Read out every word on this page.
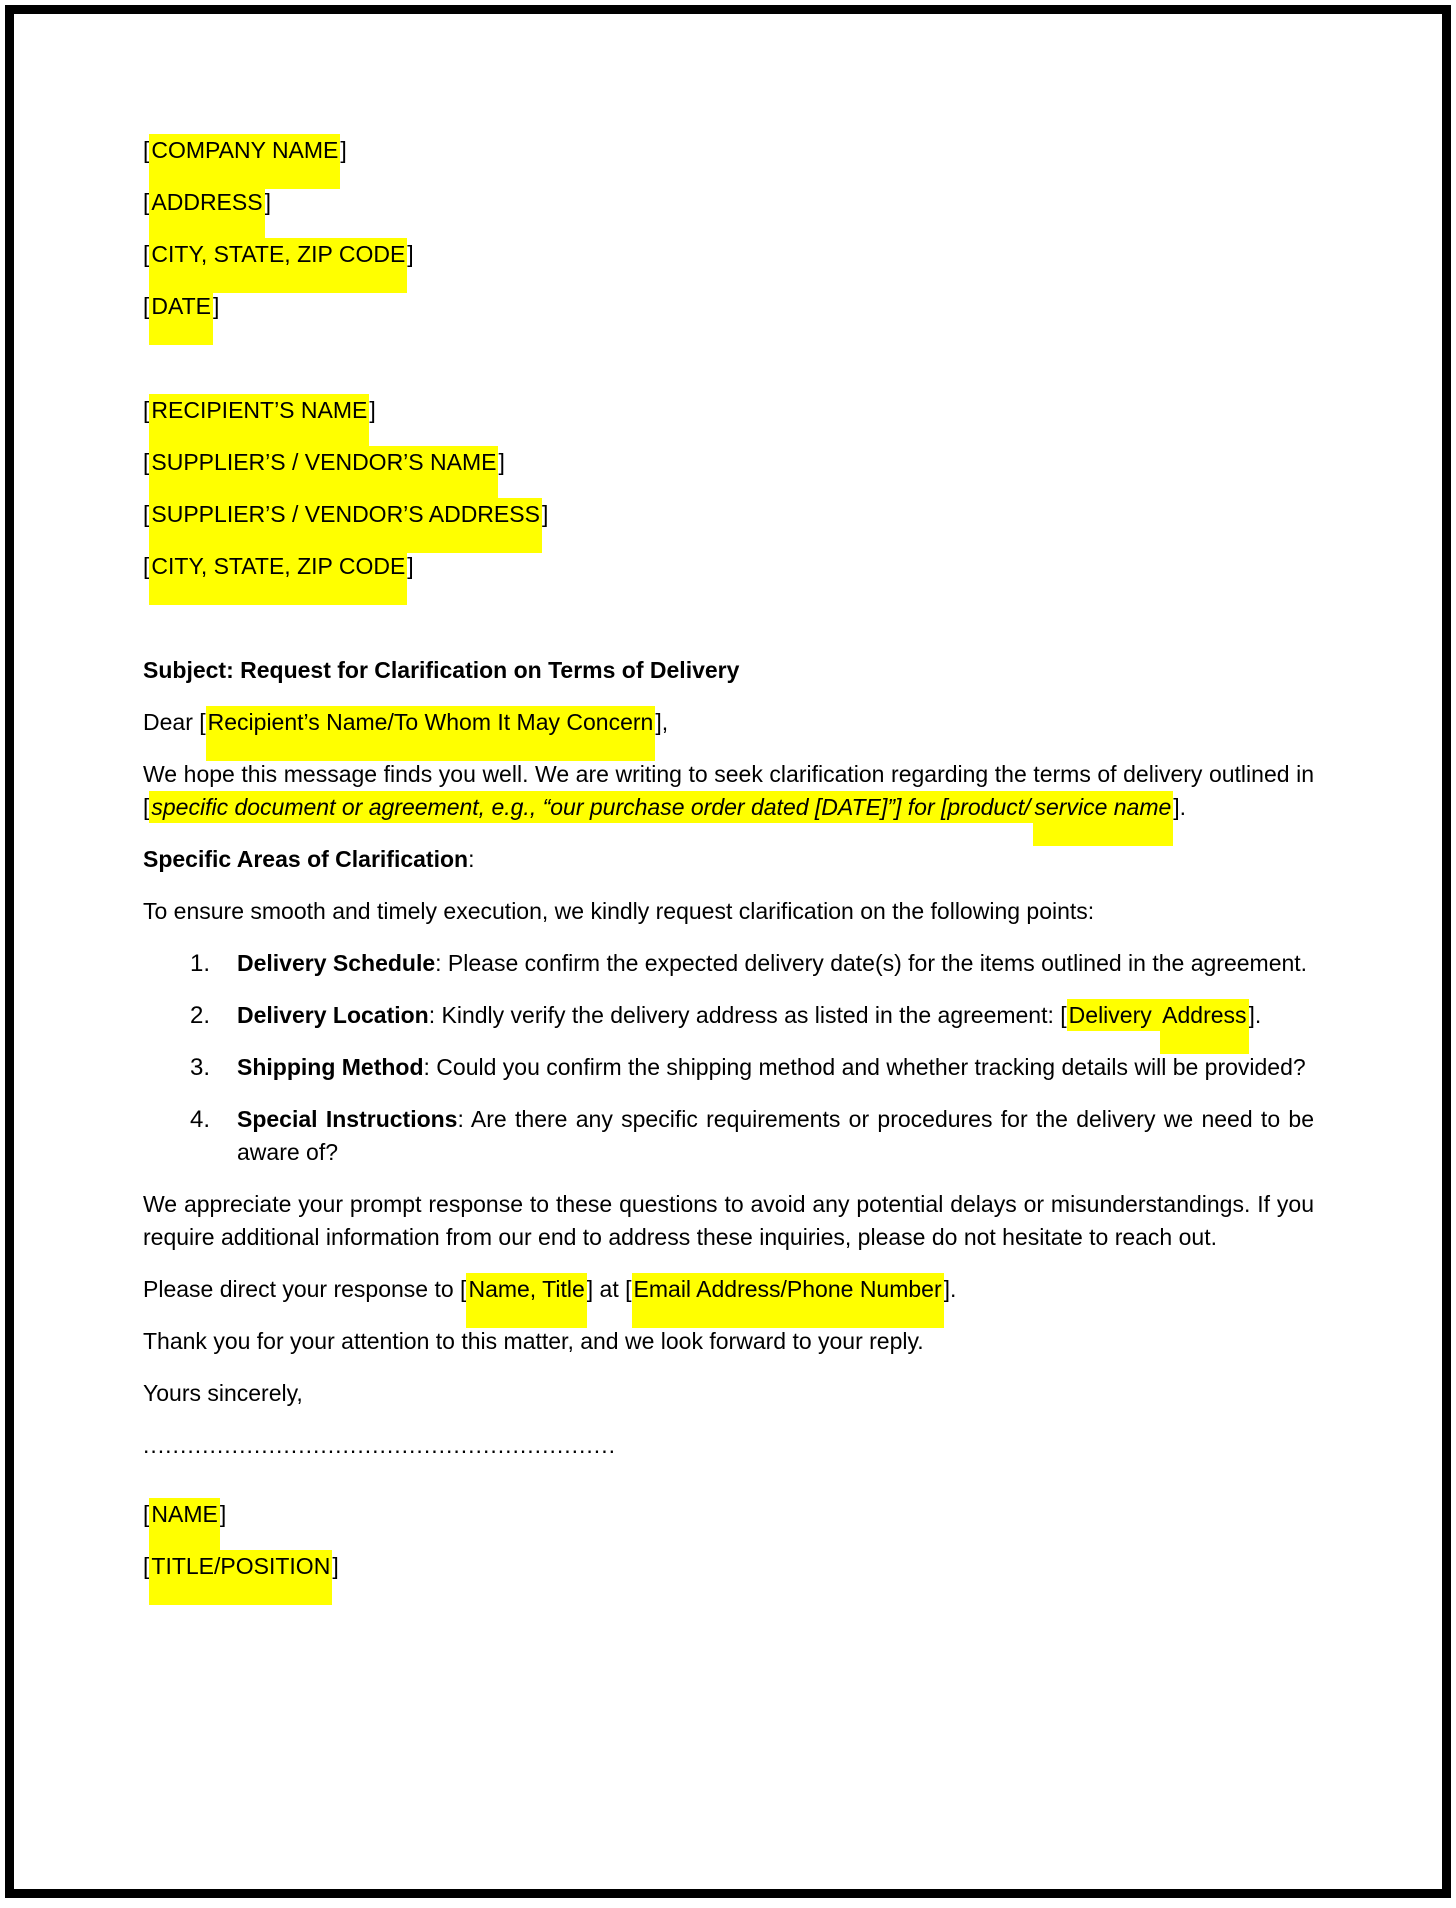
[COMPANY NAME]

[ADDRESS]

[CITY, STATE, ZIP CODE]

[DATE]

[RECIPIENT’S NAME]

[SUPPLIER’S / VENDOR’S NAME]

[SUPPLIER’S / VENDOR’S ADDRESS]

[CITY, STATE, ZIP CODE]

Subject: Request for Clarification on Terms of Delivery

Dear [Recipient’s Name/To Whom It May Concern],

We hope this message finds you well. We are writing to seek clarification regarding the terms of delivery outlined in [specific document or agreement, e.g., “our purchase order dated [DATE]”] for [product/ service name].

Specific Areas of Clarification:

To ensure smooth and timely execution, we kindly request clarification on the following points:

1. Delivery Schedule: Please confirm the expected delivery date(s) for the items outlined in the agreement.
2. Delivery Location: Kindly verify the delivery address as listed in the agreement: [Delivery Address].
3. Shipping Method: Could you confirm the shipping method and whether tracking details will be provided?
4. Special Instructions: Are there any specific requirements or procedures for the delivery we need to be aware of?

We appreciate your prompt response to these questions to avoid any potential delays or misunderstandings. If you require additional information from our end to address these inquiries, please do not hesitate to reach out.

Please direct your response to [Name, Title] at [Email Address/Phone Number].

Thank you for your attention to this matter, and we look forward to your reply.

Yours sincerely,

................................................................

[NAME]

[TITLE/POSITION]
